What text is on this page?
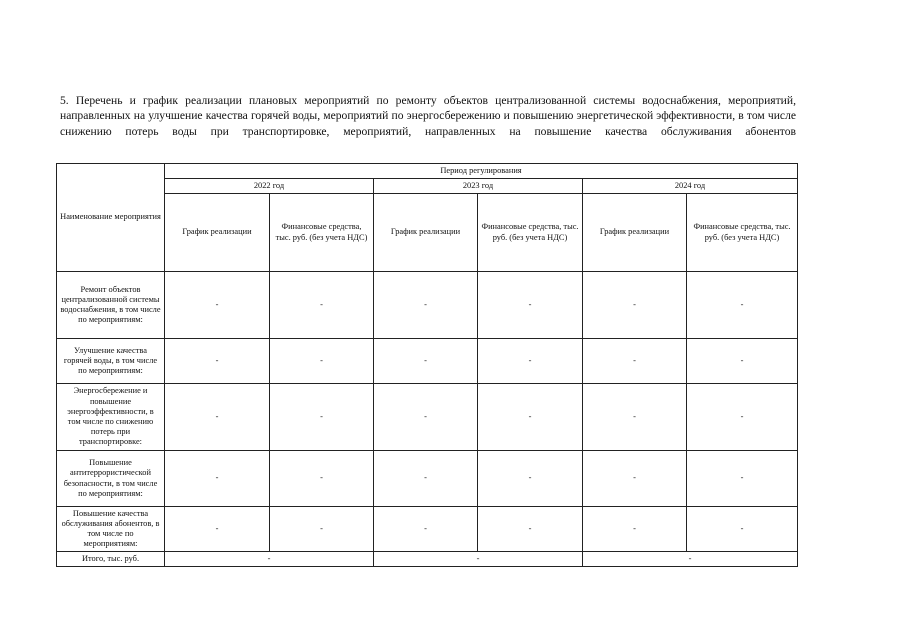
5. Перечень и график реализации плановых мероприятий по ремонту объектов централизованной системы водоснабжения, мероприятий, направленных на улучшение качества горячей воды, мероприятий по энергосбережению и повышению энергетической эффективности, в том числе снижению потерь воды при транспортировке, мероприятий, направленных на повышение качества обслуживания абонентов

Наименование мероприятия	Период регулирования					
	2022 год		2023 год		2024 год	
	График реализации	Финансовые средства, тыс. руб. (без учета НДС)	График реализации	Финансовые средства, тыс. руб. (без учета НДС)	График реализации	Финансовые средства, тыс. руб. (без учета НДС)
Ремонт объектов централизованной системы водоснабжения, в том числе по мероприятиям:	-	-	-	-	-	-
Улучшение качества горячей воды, в том числе по мероприятиям:	-	-	-	-	-	-
Энергосбережение и повышение энергоэффективности, в том числе по снижению потерь при транспортировке:	-	-	-	-	-	-
Повышение антитеррористической безопасности, в том числе по мероприятиям:	-	-	-	-	-	-
Повышение качества обслуживания абонентов, в том числе по мероприятиям:	-	-	-	-	-	-
Итого, тыс. руб.	-		-		-	
